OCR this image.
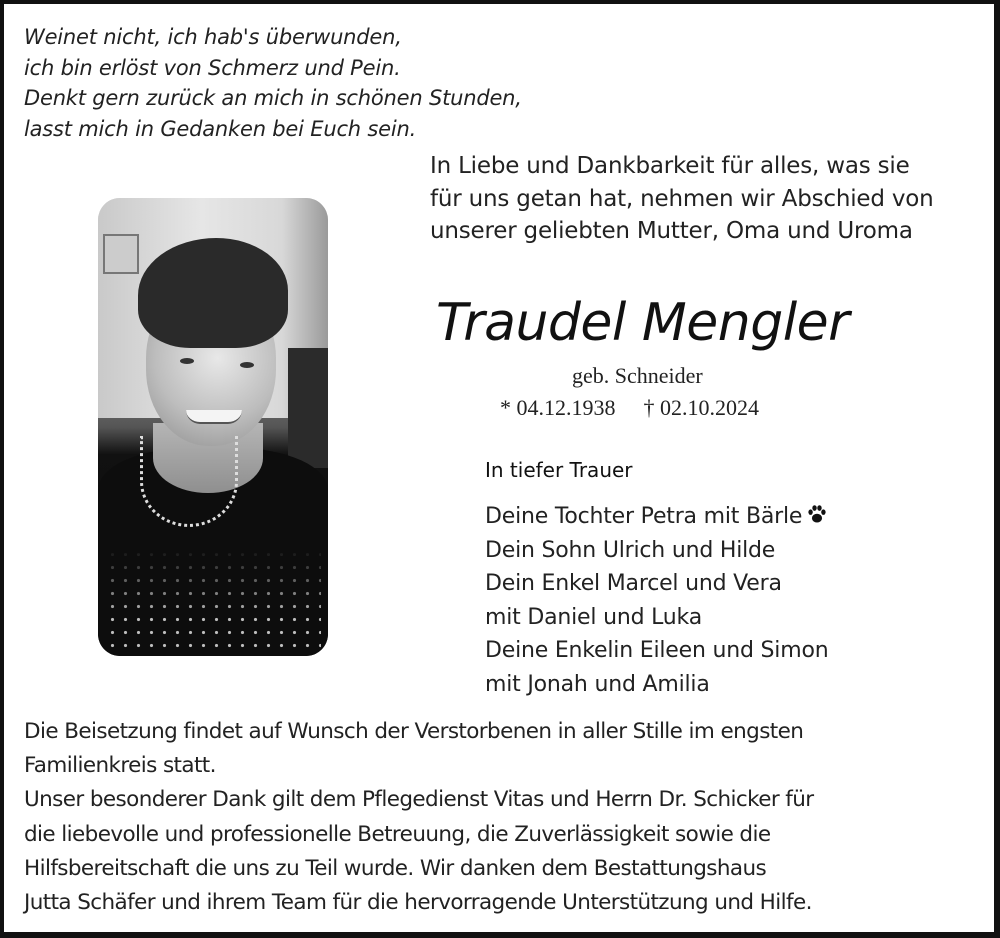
Weinet nicht, ich hab's überwunden,
ich bin erlöst von Schmerz und Pein.
Denkt gern zurück an mich in schönen Stunden,
lasst mich in Gedanken bei Euch sein.
In Liebe und Dankbarkeit für alles, was sie
für uns getan hat, nehmen wir Abschied von
unserer geliebten Mutter, Oma und Uroma
Traudel Mengler
geb. Schneider
* 04.12.1938 † 02.10.2024
In tiefer Trauer
Deine Tochter Petra mit Bärle
Dein Sohn Ulrich und Hilde
Dein Enkel Marcel und Vera
mit Daniel und Luka
Deine Enkelin Eileen und Simon
mit Jonah und Amilia
Die Beisetzung findet auf Wunsch der Verstorbenen in aller Stille im engsten
Familienkreis statt.
Unser besonderer Dank gilt dem Pflegedienst Vitas und Herrn Dr. Schicker für
die liebevolle und professionelle Betreuung, die Zuverlässigkeit sowie die
Hilfsbereitschaft die uns zu Teil wurde. Wir danken dem Bestattungshaus
Jutta Schäfer und ihrem Team für die hervorragende Unterstützung und Hilfe.
